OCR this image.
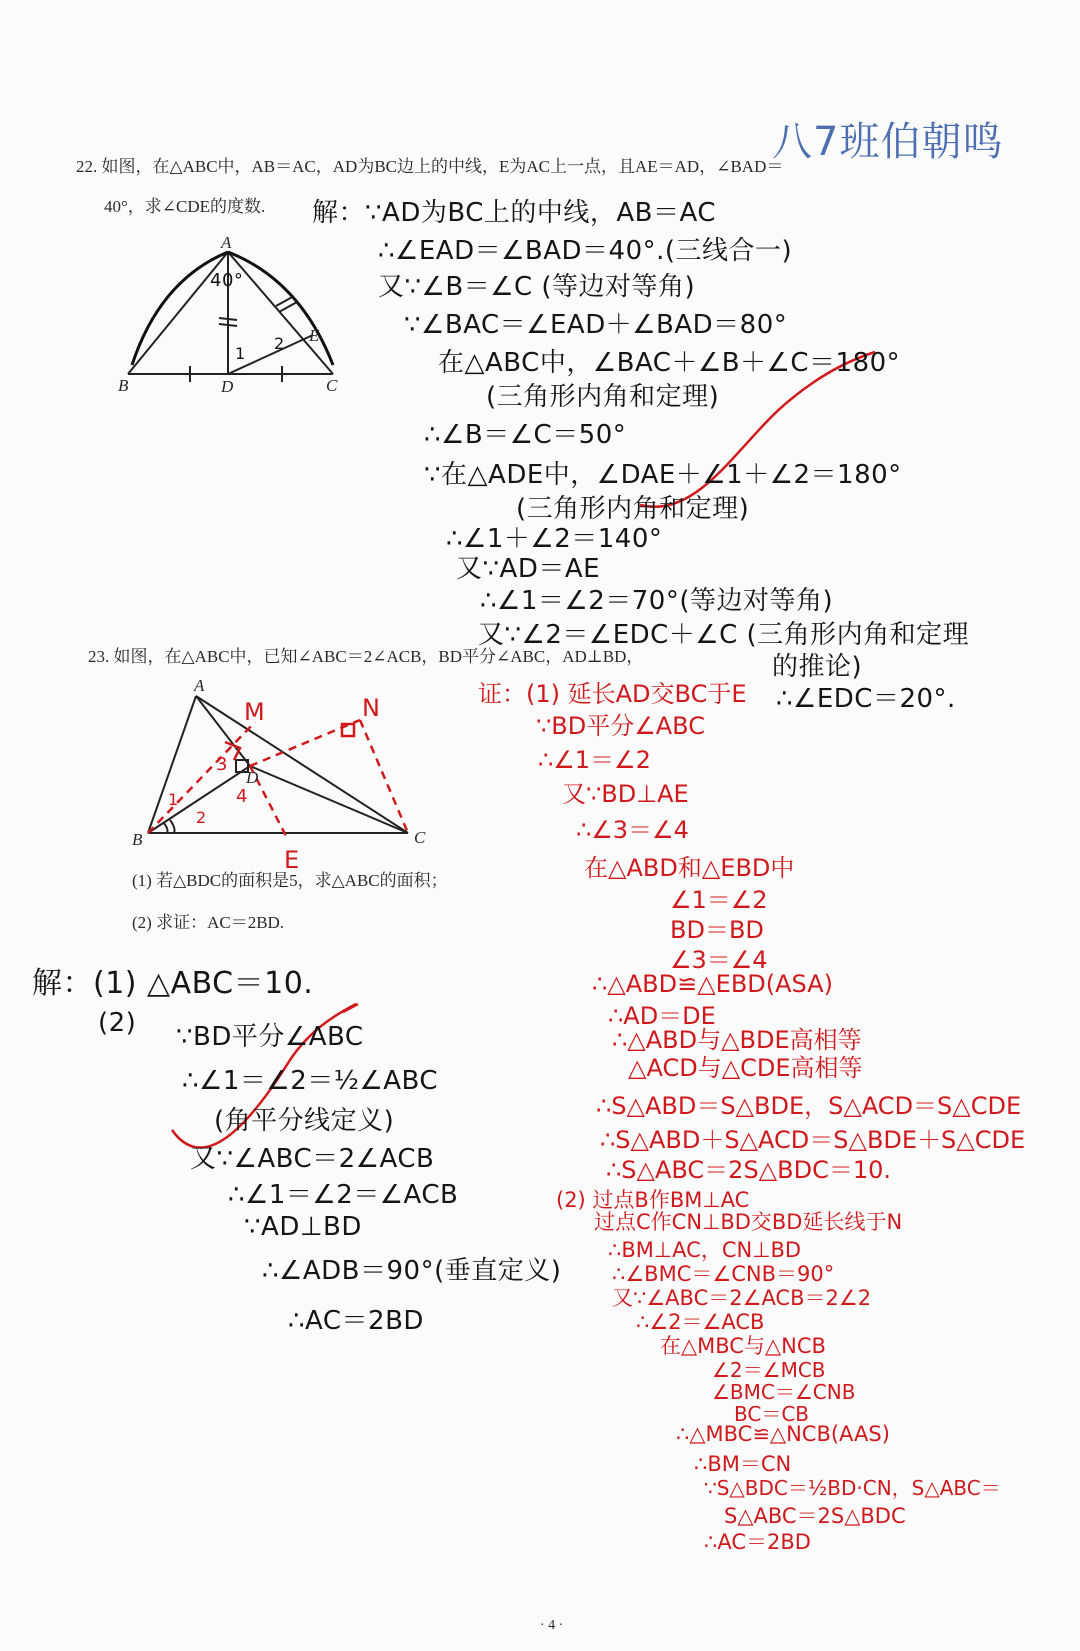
八7班伯朝鸣
22. 如图，在△ABC中，AB＝AC，AD为BC边上的中线，E为AC上一点，且AE＝AD，∠BAD＝
40°，求∠CDE的度数.
A
B	C
D
E
40°
1
2
解：∵AD为BC上的中线，AB＝AC
∴∠EAD＝∠BAD＝40°.(三线合一)
又∵∠B＝∠C (等边对等角)
∵∠BAC＝∠EAD＋∠BAD＝80°
在△ABC中，∠BAC＋∠B＋∠C＝180°
(三角形内角和定理)
∴∠B＝∠C＝50°
∵在△ADE中，∠DAE＋∠1＋∠2＝180°
(三角形内角和定理)
∴∠1＋∠2＝140°
又∵AD＝AE
∴∠1＝∠2＝70°(等边对等角)
又∵∠2＝∠EDC＋∠C (三角形内角和定理
的推论)
∴∠EDC＝20°.
23. 如图，在△ABC中，已知∠ABC＝2∠ACB，BD平分∠ABC，AD⊥BD，
(1) 若△BDC的面积是5，求△ABC的面积；
(2) 求证：AC＝2BD.
A
B	C
D
M	N
E
1
2
3
4
解：(1) △ABC＝10.
(2) ∵BD平分∠ABC
∴∠1＝∠2＝½∠ABC
(角平分线定义)
又∵∠ABC＝2∠ACB
∴∠1＝∠2＝∠ACB
∵AD⊥BD
∴∠ADB＝90°(垂直定义)
∴AC＝2BD
证：(1) 延长AD交BC于E
∵BD平分∠ABC
∴∠1＝∠2
又∵BD⊥AE
∴∠3＝∠4
在△ABD和△EBD中
∠1＝∠2
BD＝BD
∠3＝∠4
∴△ABD≌△EBD(ASA)
∴AD＝DE
∴△ABD与△BDE高相等
△ACD与△CDE高相等
∴S△ABD＝S△BDE，S△ACD＝S△CDE
∴S△ABD＋S△ACD＝S△BDE＋S△CDE
∴S△ABC＝2S△BDC＝10.
(2) 过点B作BM⊥AC
过点C作CN⊥BD交BD延长线于N
∴BM⊥AC，CN⊥BD
∴∠BMC＝∠CNB＝90°
又∵∠ABC＝2∠ACB＝2∠2
∴∠2＝∠ACB
在△MBC与△NCB
∠2＝∠MCB
∠BMC＝∠CNB
BC＝CB
∴△MBC≌△NCB(AAS)
∴BM＝CN
∵S△BDC＝½BD·CN，S△ABC＝
S△ABC＝2S△BDC
∴AC＝2BD
· 4 ·
